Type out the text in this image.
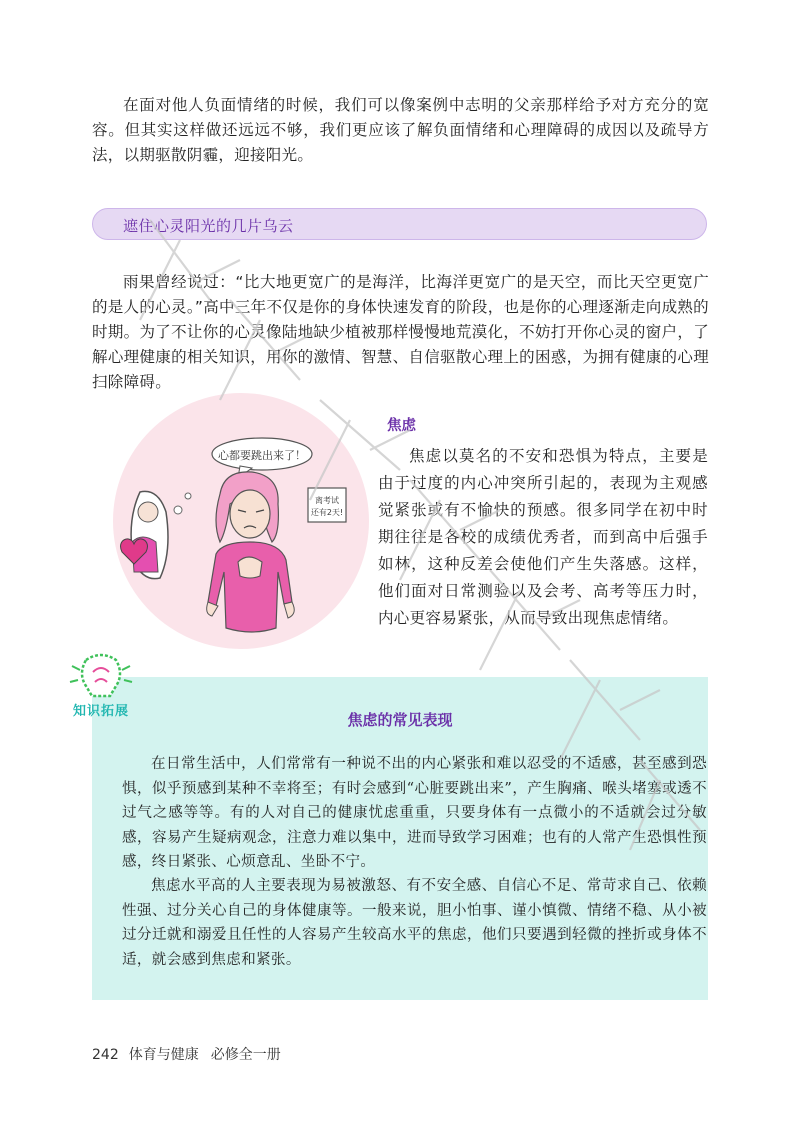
在面对他人负面情绪的时候，我们可以像案例中志明的父亲那样给予对方充分的宽容。但其实这样做还远远不够，我们更应该了解负面情绪和心理障碍的成因以及疏导方法，以期驱散阴霾，迎接阳光。

遮住心灵阳光的几片乌云

雨果曾经说过：“比大地更宽广的是海洋，比海洋更宽广的是天空，而比天空更宽广的是人的心灵。”高中三年不仅是你的身体快速发育的阶段，也是你的心理逐渐走向成熟的时期。为了不让你的心灵像陆地缺少植被那样慢慢地荒漠化，不妨打开你心灵的窗户，了解心理健康的相关知识，用你的激情、智慧、自信驱散心理上的困惑，为拥有健康的心理扫除障碍。

心都要跳出来了！
离考试
还有2天!
焦虑

焦虑以莫名的不安和恐惧为特点，主要是由于过度的内心冲突所引起的，表现为主观感觉紧张或有不愉快的预感。很多同学在初中时期往往是各校的成绩优秀者，而到高中后强手如林，这种反差会使他们产生失落感。这样，他们面对日常测验以及会考、高考等压力时，内心更容易紧张，从而导致出现焦虑情绪。

焦虑的常见表现

在日常生活中，人们常常有一种说不出的内心紧张和难以忍受的不适感，甚至感到恐惧，似乎预感到某种不幸将至；有时会感到“心脏要跳出来”，产生胸痛、喉头堵塞或透不过气之感等等。有的人对自己的健康忧虑重重，只要身体有一点微小的不适就会过分敏感，容易产生疑病观念，注意力难以集中，进而导致学习困难；也有的人常产生恐惧性预感，终日紧张、心烦意乱、坐卧不宁。

焦虑水平高的人主要表现为易被激怒、有不安全感、自信心不足、常苛求自己、依赖性强、过分关心自己的身体健康等。一般来说，胆小怕事、谨小慎微、情绪不稳、从小被过分迁就和溺爱且任性的人容易产生较高水平的焦虑，他们只要遇到轻微的挫折或身体不适，就会感到焦虑和紧张。

知识拓展
242 体育与健康 必修全一册
